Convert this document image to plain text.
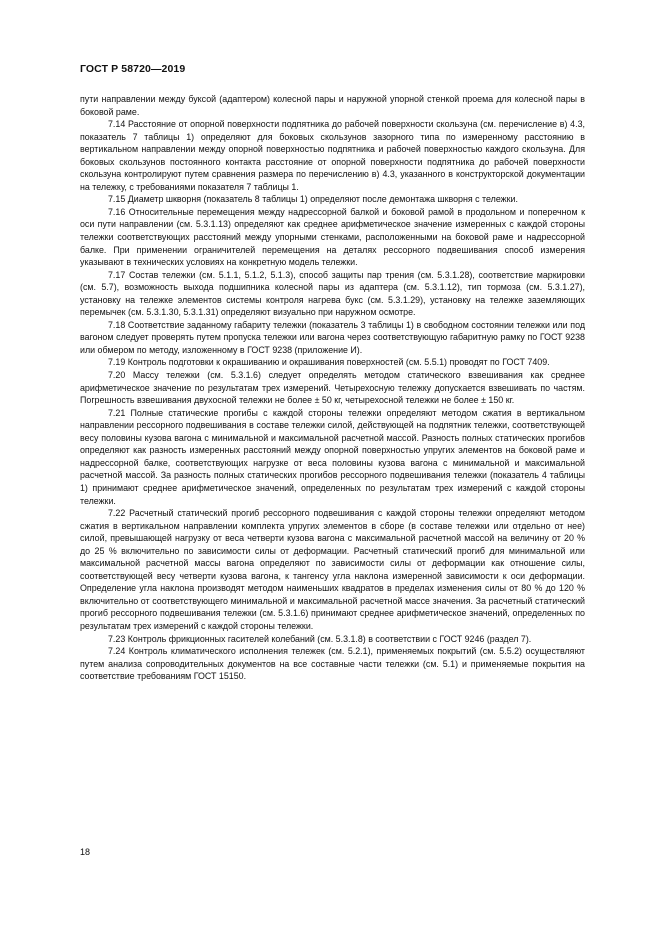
ГОСТ Р 58720—2019

пути направлении между буксой (адаптером) колесной пары и наружной упорной стенкой проема для колесной пары в боковой раме.

7.14 Расстояние от опорной поверхности подпятника до рабочей поверхности скользуна (см. перечисление в) 4.3, показатель 7 таблицы 1) определяют для боковых скользунов зазорного типа по измеренному расстоянию в вертикальном направлении между опорной поверхностью подпятника и рабочей поверхностью каждого скользуна. Для боковых скользунов постоянного контакта расстояние от опорной поверхности подпятника до рабочей поверхности скользуна контролируют путем сравнения размера по перечислению в) 4.3, указанного в конструкторской документации на тележку, с требованиями показателя 7 таблицы 1.

7.15 Диаметр шкворня (показатель 8 таблицы 1) определяют после демонтажа шкворня с тележки.

7.16 Относительные перемещения между надрессорной балкой и боковой рамой в продольном и поперечном к оси пути направлении (см. 5.3.1.13) определяют как среднее арифметическое значение измеренных с каждой стороны тележки соответствующих расстояний между упорными стенками, расположенными на боковой раме и надрессорной балке. При применении ограничителей перемещения на деталях рессорного подвешивания способ измерения указывают в технических условиях на конкретную модель тележки.

7.17 Состав тележки (см. 5.1.1, 5.1.2, 5.1.3), способ защиты пар трения (см. 5.3.1.28), соответствие маркировки (см. 5.7), возможность выхода подшипника колесной пары из адаптера (см. 5.3.1.12), тип тормоза (см. 5.3.1.27), установку на тележке элементов системы контроля нагрева букс (см. 5.3.1.29), установку на тележке заземляющих перемычек (см. 5.3.1.30, 5.3.1.31) определяют визуально при наружном осмотре.

7.18 Соответствие заданному габариту тележки (показатель 3 таблицы 1) в свободном состоянии тележки или под вагоном следует проверять путем пропуска тележки или вагона через соответствующую габаритную рамку по ГОСТ 9238 или обмером по методу, изложенному в ГОСТ 9238 (приложение И).

7.19 Контроль подготовки к окрашиванию и окрашивания поверхностей (см. 5.5.1) проводят по ГОСТ 7409.

7.20 Массу тележки (см. 5.3.1.6) следует определять методом статического взвешивания как среднее арифметическое значение по результатам трех измерений. Четырехосную тележку допускается взвешивать по частям. Погрешность взвешивания двухосной тележки не более ± 50 кг, четырехосной тележки не более ± 150 кг.

7.21 Полные статические прогибы с каждой стороны тележки определяют методом сжатия в вертикальном направлении рессорного подвешивания в составе тележки силой, действующей на подпятник тележки, соответствующей весу половины кузова вагона с минимальной и максимальной расчетной массой. Разность полных статических прогибов определяют как разность измеренных расстояний между опорной поверхностью упругих элементов на боковой раме и надрессорной балке, соответствующих нагрузке от веса половины кузова вагона с минимальной и максимальной расчетной массой. За разность полных статических прогибов рессорного подвешивания тележки (показатель 4 таблицы 1) принимают среднее арифметическое значений, определенных по результатам трех измерений с каждой стороны тележки.

7.22 Расчетный статический прогиб рессорного подвешивания с каждой стороны тележки определяют методом сжатия в вертикальном направлении комплекта упругих элементов в сборе (в составе тележки или отдельно от нее) силой, превышающей нагрузку от веса четверти кузова вагона с максимальной расчетной массой на величину от 20 % до 25 % включительно по зависимости силы от деформации. Расчетный статический прогиб для минимальной или максимальной расчетной массы вагона определяют по зависимости силы от деформации как отношение силы, соответствующей весу четверти кузова вагона, к тангенсу угла наклона измеренной зависимости к оси деформации. Определение угла наклона производят методом наименьших квадратов в пределах изменения силы от 80 % до 120 % включительно от соответствующего минимальной и максимальной расчетной массе значения. За расчетный статический прогиб рессорного подвешивания тележки (см. 5.3.1.6) принимают среднее арифметическое значений, определенных по результатам трех измерений с каждой стороны тележки.

7.23 Контроль фрикционных гасителей колебаний (см. 5.3.1.8) в соответствии с ГОСТ 9246 (раздел 7).

7.24 Контроль климатического исполнения тележек (см. 5.2.1), применяемых покрытий (см. 5.5.2) осуществляют путем анализа сопроводительных документов на все составные части тележки (см. 5.1) и применяемые покрытия на соответствие требованиям ГОСТ 15150.

18
